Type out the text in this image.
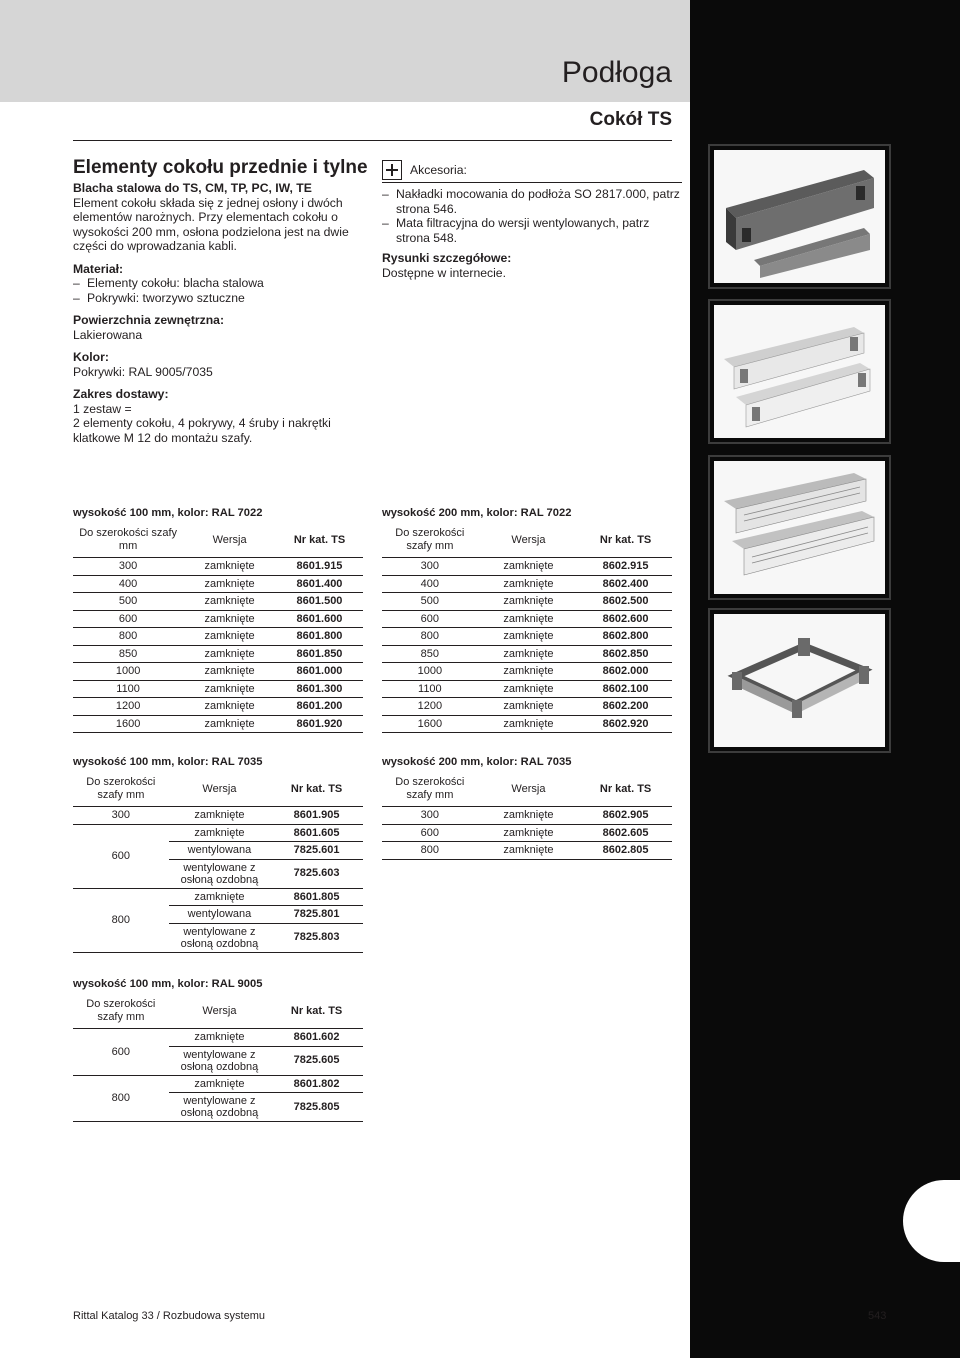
Podłoga
Cokół TS
Elementy cokołu przednie i tylne
Blacha stalowa do TS, CM, TP, PC, IW, TE
Element cokołu składa się z jednej osłony i dwóch elementów narożnych. Przy elementach cokołu o wysokości 200 mm, osłona podzielona jest na dwie części do wprowadzania kabli.
Materiał:
– Elementy cokołu: blacha stalowa
– Pokrywki: tworzywo sztuczne
Powierzchnia zewnętrzna:
Lakierowana
Kolor:
Pokrywki: RAL 9005/7035
Zakres dostawy:
1 zestaw =
2 elementy cokołu, 4 pokrywy, 4 śruby i nakrętki klatkowe M 12 do montażu szafy.
Akcesoria:
– Nakładki mocowania do podłoża SO 2817.000, patrz strona 546.
– Mata filtracyjna do wersji wentylowanych, patrz strona 548.
Rysunki szczegółowe:
Dostępne w internecie.
wysokość 100 mm, kolor: RAL 7022
Do szerokości szafy mm	Wersja	Nr kat. TS
300	zamknięte	8601.915
400	zamknięte	8601.400
500	zamknięte	8601.500
600	zamknięte	8601.600
800	zamknięte	8601.800
850	zamknięte	8601.850
1000	zamknięte	8601.000
1100	zamknięte	8601.300
1200	zamknięte	8601.200
1600	zamknięte	8601.920
wysokość 200 mm, kolor: RAL 7022
Do szerokości szafy mm	Wersja	Nr kat. TS
300	zamknięte	8602.915
400	zamknięte	8602.400
500	zamknięte	8602.500
600	zamknięte	8602.600
800	zamknięte	8602.800
850	zamknięte	8602.850
1000	zamknięte	8602.000
1100	zamknięte	8602.100
1200	zamknięte	8602.200
1600	zamknięte	8602.920
wysokość 100 mm, kolor: RAL 7035
Do szerokości szafy mm	Wersja	Nr kat. TS
300	zamknięte	8601.905
600	zamknięte	8601.605
	wentylowana	7825.601
	wentylowane z osłoną ozdobną	7825.603
800	zamknięte	8601.805
	wentylowana	7825.801
	wentylowane z osłoną ozdobną	7825.803
wysokość 200 mm, kolor: RAL 7035
Do szerokości szafy mm	Wersja	Nr kat. TS
300	zamknięte	8602.905
600	zamknięte	8602.605
800	zamknięte	8602.805
wysokość 100 mm, kolor: RAL 9005
Do szerokości szafy mm	Wersja	Nr kat. TS
600	zamknięte	8601.602
	wentylowane z osłoną ozdobną	7825.605
800	zamknięte	8601.802
	wentylowane z osłoną ozdobną	7825.805
Rittal Katalog 33 / Rozbudowa systemu	543
